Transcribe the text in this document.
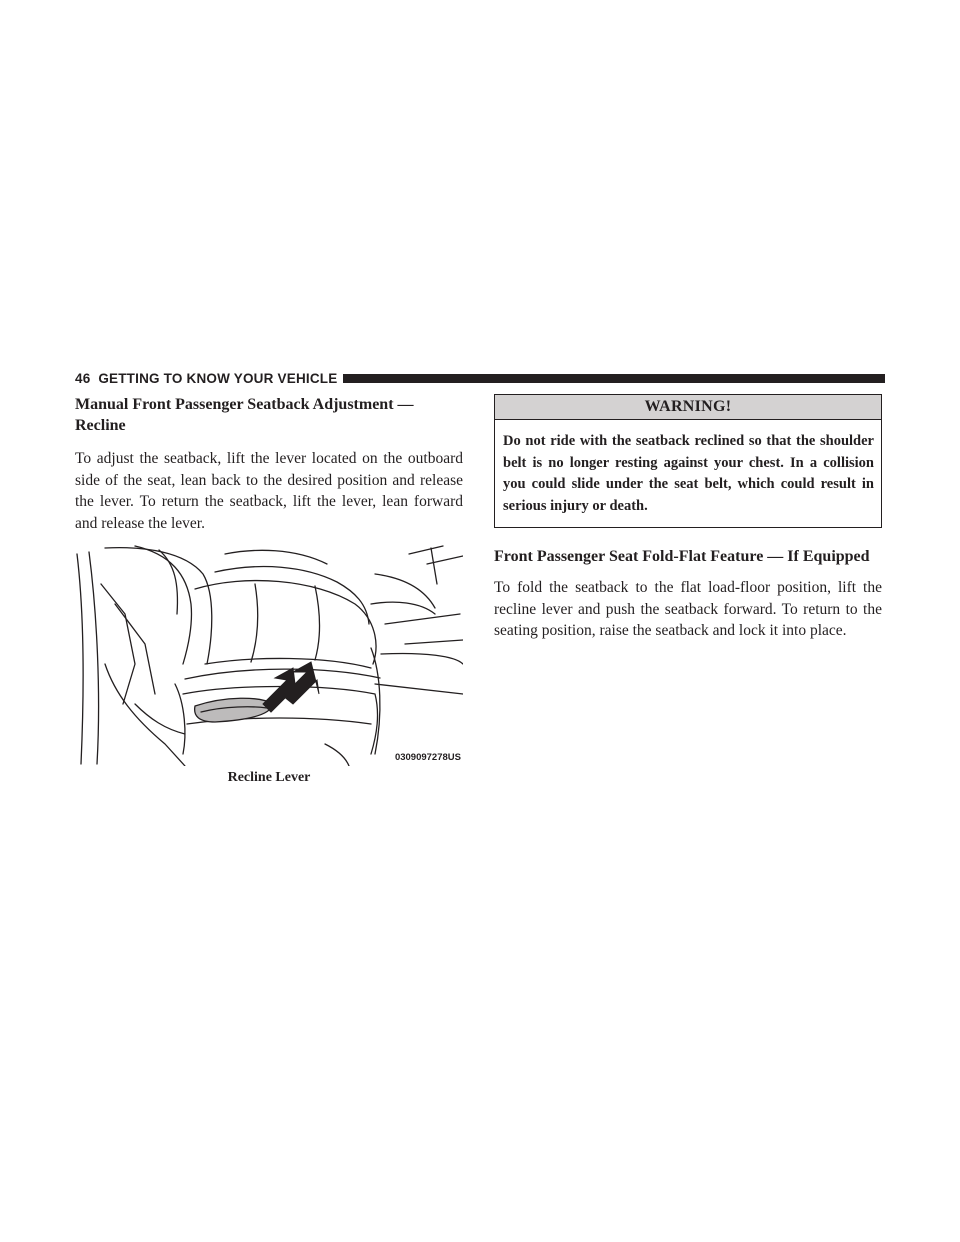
46 GETTING TO KNOW YOUR VEHICLE
Manual Front Passenger Seatback Adjustment —
Recline

To adjust the seatback, lift the lever located on the outboard side of the seat, lean back to the desired position and release the lever. To return the seatback, lift the lever, lean forward and release the lever.

0309097278US
Recline Lever
WARNING!
Do not ride with the seatback reclined so that the shoulder belt is no longer resting against your chest. In a collision you could slide under the seat belt, which could result in serious injury or death.
Front Passenger Seat Fold-Flat Feature — If Equipped

To fold the seatback to the flat load-floor position, lift the recline lever and push the seatback forward. To return to the seating position, raise the seatback and lock it into place.
